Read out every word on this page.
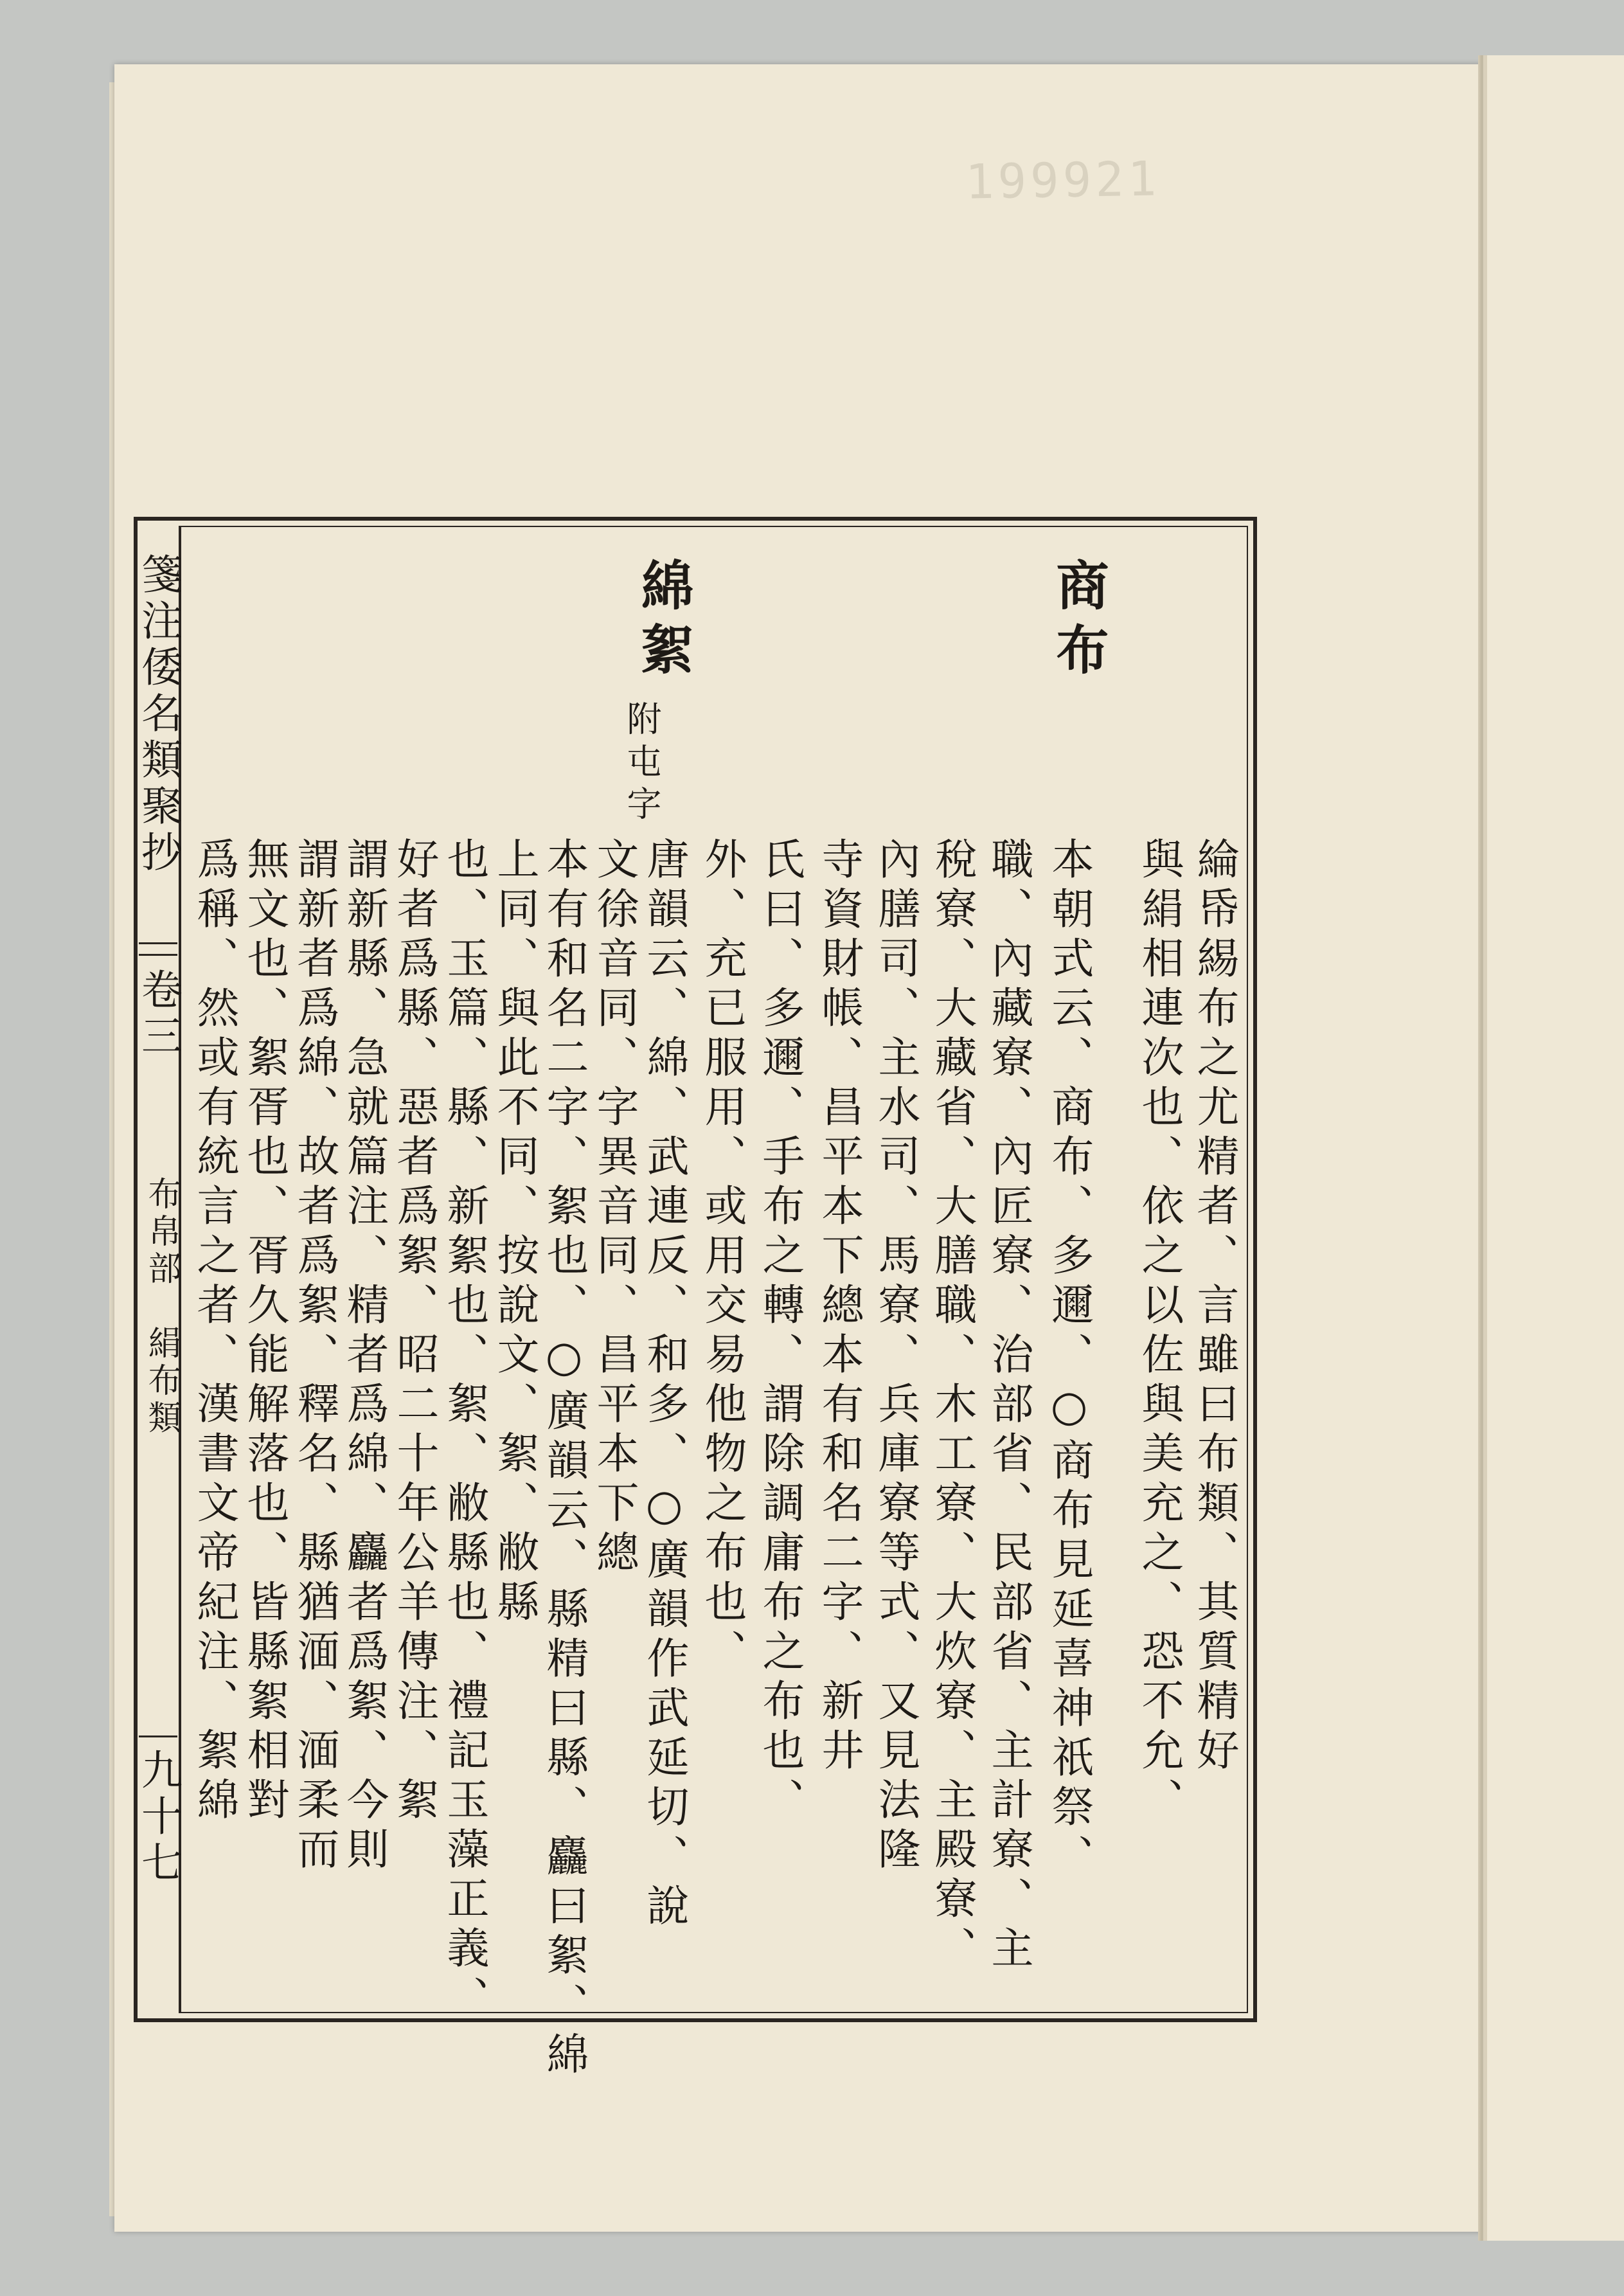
199921
箋注倭名類聚抄
卷三
布帛部
絹布類
九十七
商布
綸帋緆布之尤精者、言雖曰布類、其質精好
與絹相連次也、依之以佐與美充之、恐不允、
本朝式云、商布、多邇、○商布見延喜神祇祭、
職、內藏寮、內匠寮、治部省、民部省、主計寮、主
稅寮、大藏省、大膳職、木工寮、大炊寮、主殿寮、
內膳司、主水司、馬寮、兵庫寮等式、又見法隆
寺資財帳、昌平本下總本有和名二字、新井
氏曰、多邇、手布之轉、謂除調庸布之布也、
外、充已服用、或用交易他物之布也、
綿絮
附屯字
唐韻云、綿、武連反、和多、○廣韻作武延切、說
文徐音同、字異音同、昌平本下總
本有和名二字、絮也、○廣韻云、縣精曰縣、麤曰絮、綿
上同、與此不同、按說文、絮、敝縣
也、玉篇、縣、新絮也、絮、敝縣也、禮記玉藻正義、
好者爲縣、惡者爲絮、昭二十年公羊傳注、絮
謂新縣、急就篇注、精者爲綿、麤者爲絮、今則
謂新者爲綿、故者爲絮、釋名、縣猶湎、湎柔而
無文也、絮胥也、胥久能解落也、皆縣絮相對
爲稱、然或有統言之者、漢書文帝紀注、絮綿
